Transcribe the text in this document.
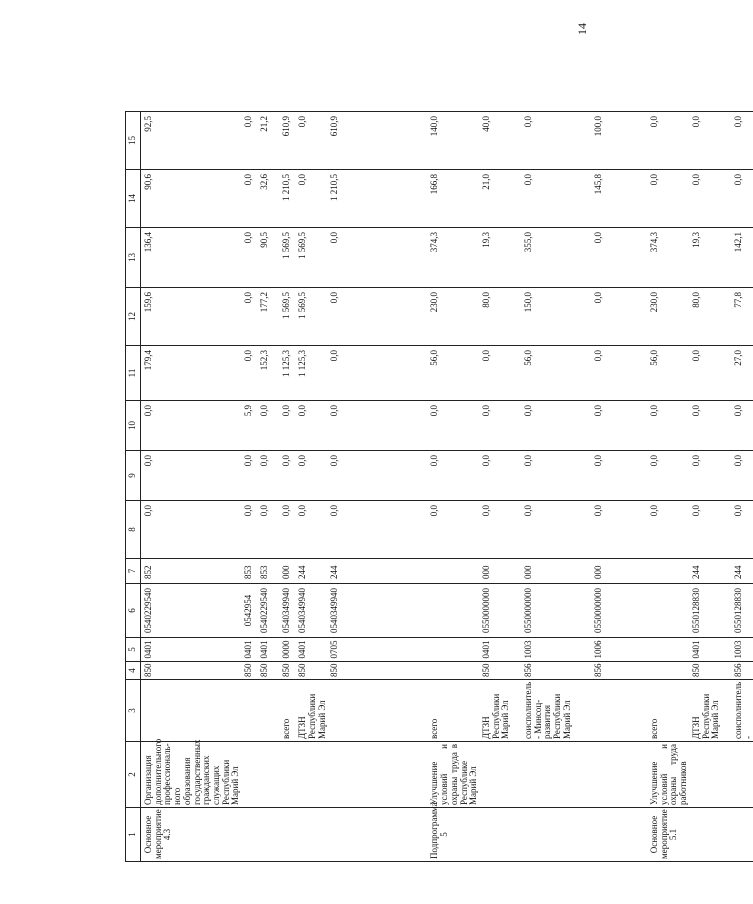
14
1	2	3	4	5	6	7	8	9	10	11	12	13	14	15
Основное мероприятие 4.3	Организация дополнительного профессиональ-ного образования государственных гражданских служащих Республики Марий Эл		850	0401	0540229540	852	0,0	0,0	0,0	179,4	159,6	136,4	90,6	92,5
			850	0401	0542954	853	0,0	0,0	5,9	0,0	0,0	0,0	0,0	0,0
			850	0401	0540229540	853	0,0	0,0	0,0	152,3	177,2	90,5	32,6	21,2
		всего	850	0000	0540349940	000	0,0	0,0	0,0	1 125,3	1 569,5	1 569,5	1 210,5	610,9
		ДТЗН Республики Марий Эл	850	0401	0540349940	244	0,0	0,0	0,0	1 125,3	1 569,5	1 569,5	0,0	0,0
			850	0705	0540349940	244	0,0	0,0	0,0	0,0	0,0	0,0	1 210,5	610,9

Подпрограмма 5	Улучшение условий и охраны труда в Республике Марий Эл	всего					0,0	0,0	0,0	56,0	230,0	374,3	166,8	140,0
		ДТЗН Республики Марий Эл	850	0401	0550000000	000	0,0	0,0	0,0	0,0	80,0	19,3	21,0	40,0
		соисполнитель - Минсоц-развития Республики Марий Эл	856	1003	0550000000	000	0,0	0,0	0,0	56,0	150,0	355,0	0,0	0,0
			856	1006	0550000000	000	0,0	0,0	0,0	0,0	0,0	0,0	145,8	100,0

Основное мероприятие 5.1	Улучшение условий и охраны труда работников	всего					0,0	0,0	0,0	56,0	230,0	374,3	0,0	0,0
		ДТЗН Республики Марий Эл	850	0401	0550128830	244	0,0	0,0	0,0	0,0	80,0	19,3	0,0	0,0
		соисполнитель -	856	1003	0550128830	244	0,0	0,0	0,0	27,0	77,8	142,1	0,0	0,0
